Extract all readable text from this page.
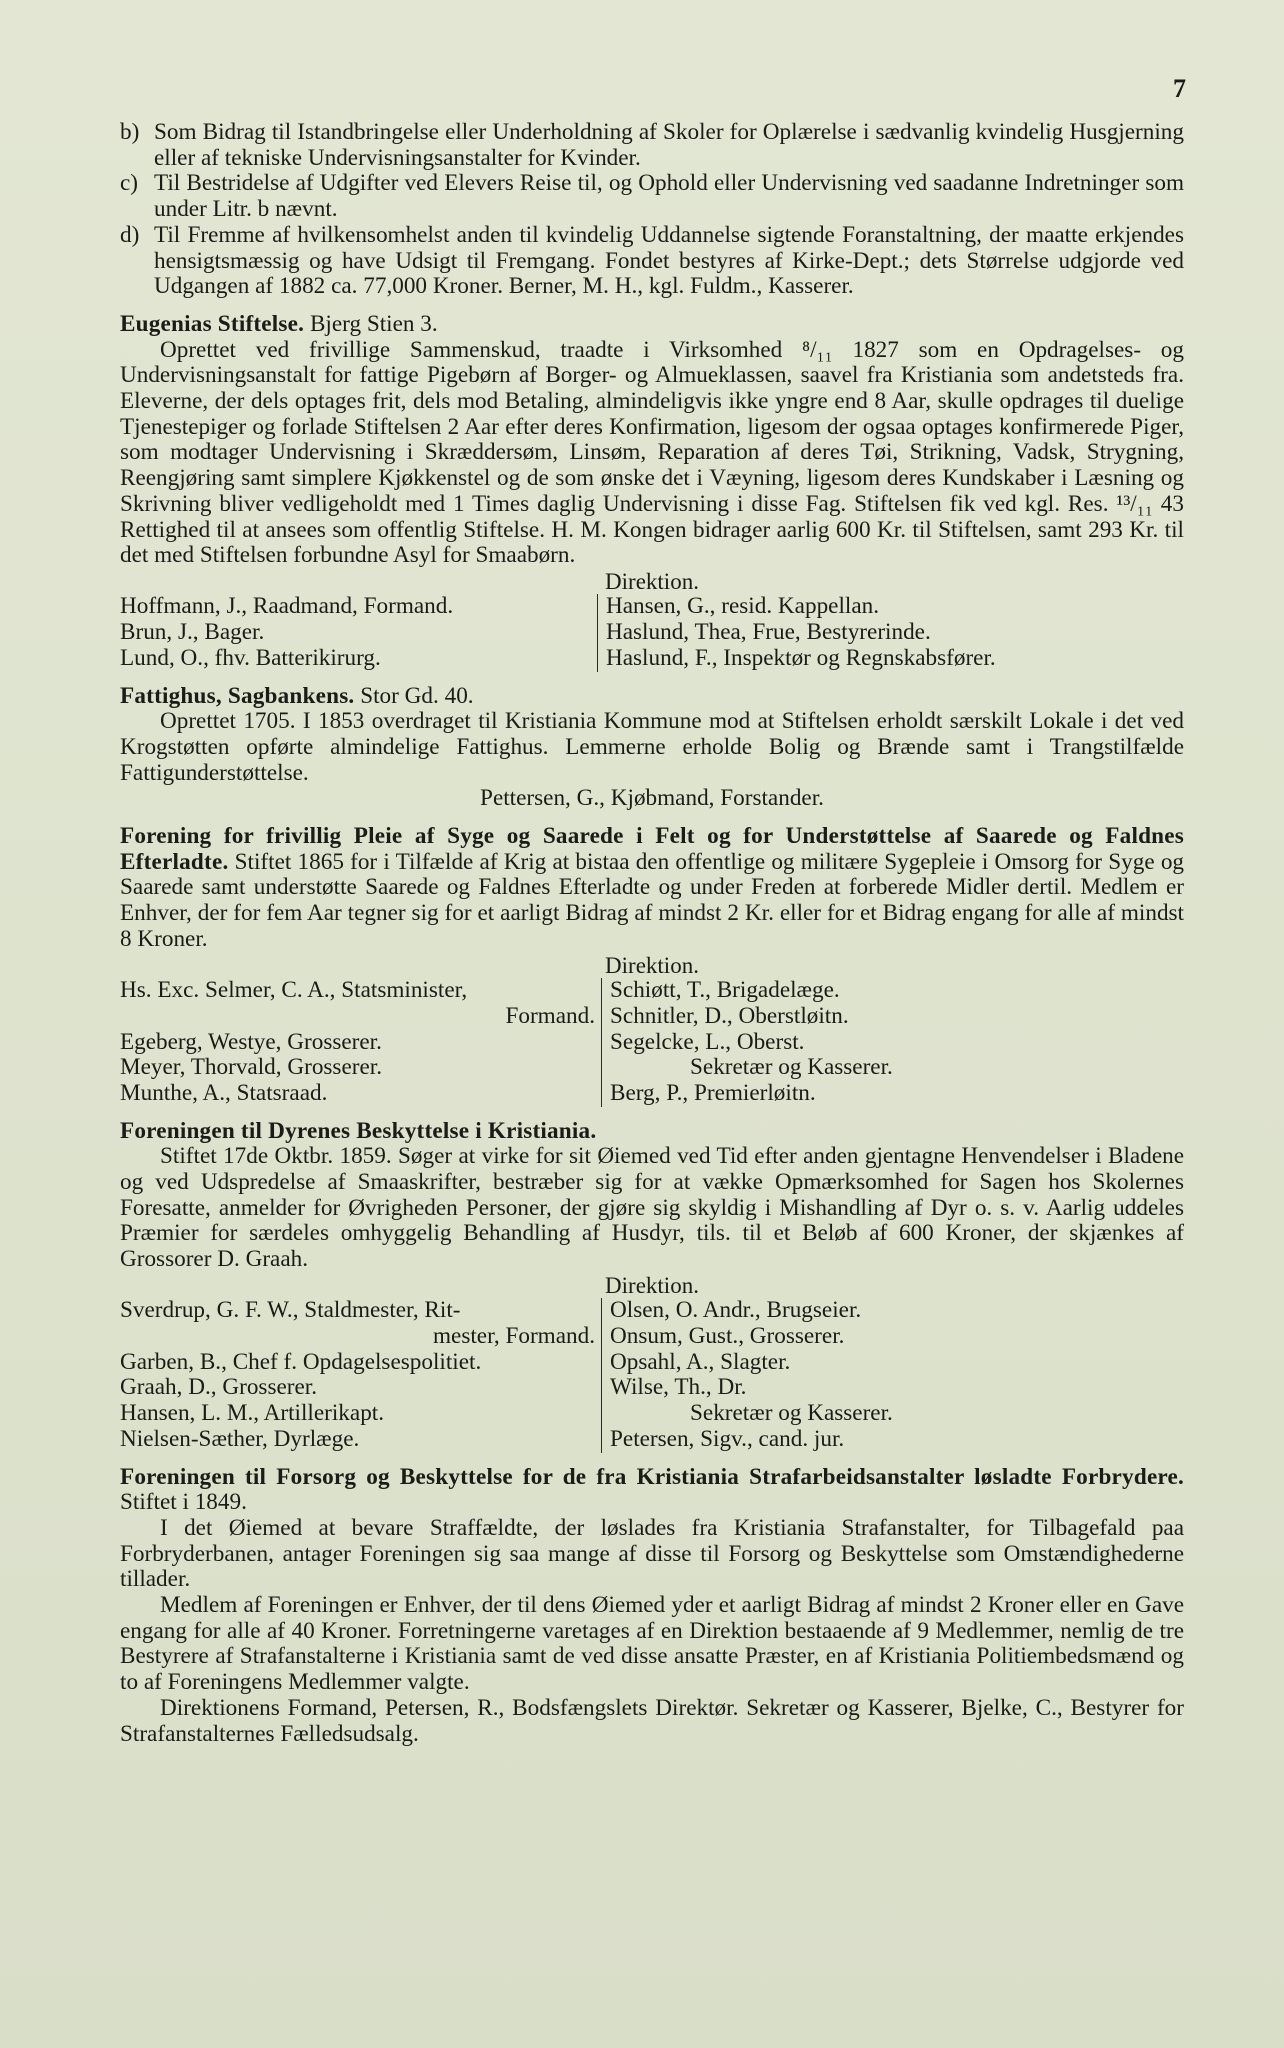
7
b) Som Bidrag til Istandbringelse eller Underholdning af Skoler for Oplærelse i sædvanlig kvindelig Husgjerning eller af tekniske Undervisningsanstalter for Kvinder.

c) Til Bestridelse af Udgifter ved Elevers Reise til, og Ophold eller Undervisning ved saadanne Indretninger som under Litr. b nævnt.

d) Til Fremme af hvilkensomhelst anden til kvindelig Uddannelse sigtende Foranstaltning, der maatte erkjendes hensigtsmæssig og have Udsigt til Fremgang. Fondet bestyres af Kirke-Dept.; dets Størrelse udgjorde ved Udgangen af 1882 ca. 77,000 Kroner. Berner, M. H., kgl. Fuldm., Kasserer.

Eugenias Stiftelse. Bjerg Stien 3.

Oprettet ved frivillige Sammenskud, traadte i Virksomhed ⁸/₁₁ 1827 som en Opdragelses- og Undervisningsanstalt for fattige Pigebørn af Borger- og Almueklassen, saavel fra Kristiania som andetsteds fra. Eleverne, der dels optages frit, dels mod Betaling, almindeligvis ikke yngre end 8 Aar, skulle opdrages til duelige Tjenestepiger og forlade Stiftelsen 2 Aar efter deres Konfirmation, ligesom der ogsaa optages konfirmerede Piger, som modtager Undervisning i Skræddersøm, Linsøm, Reparation af deres Tøi, Strikning, Vadsk, Strygning, Reengjøring samt simplere Kjøkkenstel og de som ønske det i Væyning, ligesom deres Kundskaber i Læsning og Skrivning bliver vedligeholdt med 1 Times daglig Undervisning i disse Fag. Stiftelsen fik ved kgl. Res. ¹³/₁₁ 43 Rettighed til at ansees som offentlig Stiftelse. H. M. Kongen bidrager aarlig 600 Kr. til Stiftelsen, samt 293 Kr. til det med Stiftelsen forbundne Asyl for Smaabørn.

Direktion.
Hoffmann, J., Raadmand, Formand.
Brun, J., Bager.
Lund, O., fhv. Batterikirurg.
Hansen, G., resid. Kappellan.
Haslund, Thea, Frue, Bestyrerinde.
Haslund, F., Inspektør og Regnskabsfører.

Fattighus, Sagbankens. Stor Gd. 40.

Oprettet 1705. I 1853 overdraget til Kristiania Kommune mod at Stiftelsen erholdt særskilt Lokale i det ved Krogstøtten opførte almindelige Fattighus. Lemmerne erholde Bolig og Brænde samt i Trangstilfælde Fattigunderstøttelse.

Pettersen, G., Kjøbmand, Forstander.

Forening for frivillig Pleie af Syge og Saarede i Felt og for Understøttelse af Saarede og Faldnes Efterladte. Stiftet 1865 for i Tilfælde af Krig at bistaa den offentlige og militære Sygepleie i Omsorg for Syge og Saarede samt understøtte Saarede og Faldnes Efterladte og under Freden at forberede Midler dertil. Medlem er Enhver, der for fem Aar tegner sig for et aarligt Bidrag af mindst 2 Kr. eller for et Bidrag engang for alle af mindst 8 Kroner.

Direktion.
Hs. Exc. Selmer, C. A., Statsminister,
Formand.
Egeberg, Westye, Grosserer.
Meyer, Thorvald, Grosserer.
Munthe, A., Statsraad.
Schiøtt, T., Brigadelæge.
Schnitler, D., Oberstløitn.
Segelcke, L., Oberst.
Sekretær og Kasserer.
Berg, P., Premierløitn.

Foreningen til Dyrenes Beskyttelse i Kristiania.

Stiftet 17de Oktbr. 1859. Søger at virke for sit Øiemed ved Tid efter anden gjentagne Henvendelser i Bladene og ved Udspredelse af Smaaskrifter, bestræber sig for at vække Opmærksomhed for Sagen hos Skolernes Foresatte, anmelder for Øvrigheden Personer, der gjøre sig skyldig i Mishandling af Dyr o. s. v. Aarlig uddeles Præmier for særdeles omhyggelig Behandling af Husdyr, tils. til et Beløb af 600 Kroner, der skjænkes af Grossorer D. Graah.

Direktion.
Sverdrup, G. F. W., Staldmester, Rit-
mester, Formand.
Garben, B., Chef f. Opdagelsespolitiet.
Graah, D., Grosserer.
Hansen, L. M., Artillerikapt.
Nielsen-Sæther, Dyrlæge.
Olsen, O. Andr., Brugseier.
Onsum, Gust., Grosserer.
Opsahl, A., Slagter.
Wilse, Th., Dr.
Sekretær og Kasserer.
Petersen, Sigv., cand. jur.

Foreningen til Forsorg og Beskyttelse for de fra Kristiania Strafarbeidsanstalter løsladte Forbrydere. Stiftet i 1849.

I det Øiemed at bevare Straffældte, der løslades fra Kristiania Strafanstalter, for Tilbagefald paa Forbryderbanen, antager Foreningen sig saa mange af disse til Forsorg og Beskyttelse som Omstændighederne tillader.

Medlem af Foreningen er Enhver, der til dens Øiemed yder et aarligt Bidrag af mindst 2 Kroner eller en Gave engang for alle af 40 Kroner. Forretningerne varetages af en Direktion bestaaende af 9 Medlemmer, nemlig de tre Bestyrere af Strafanstalterne i Kristiania samt de ved disse ansatte Præster, en af Kristiania Politiembedsmænd og to af Foreningens Medlemmer valgte.

Direktionens Formand, Petersen, R., Bodsfængslets Direktør. Sekretær og Kasserer, Bjelke, C., Bestyrer for Strafanstalternes Fælledsudsalg.
